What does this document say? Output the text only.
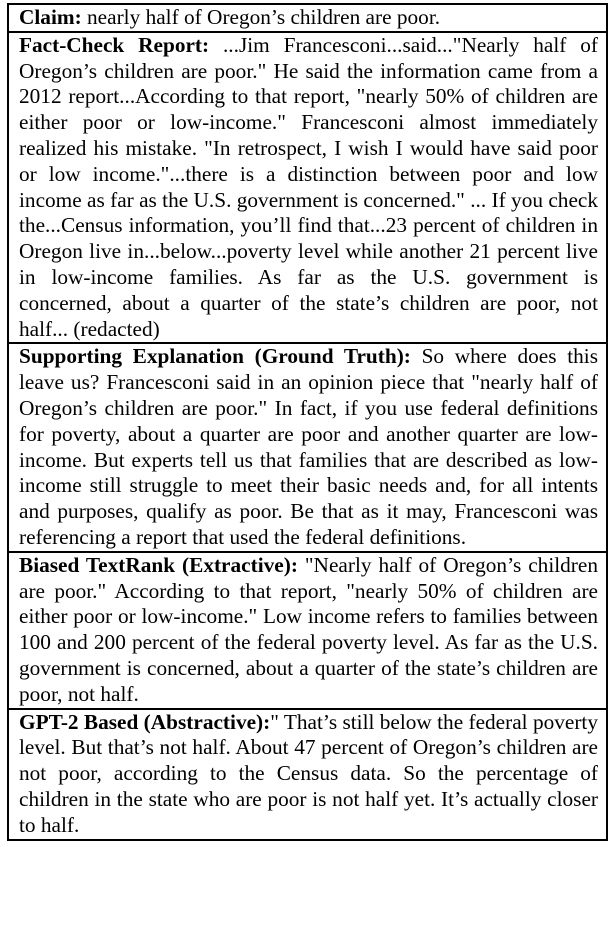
Claim: nearly half of Oregon’s children are poor.
Fact-Check Report: ...Jim Francesconi...said..."Nearly half of Oregon’s children are poor." He said the information came from a 2012 report...According to that report, "nearly 50% of children are either poor or low-income." Francesconi almost immediately realized his mistake. "In retrospect, I wish I would have said poor or low income."...there is a distinction between poor and low income as far as the U.S. government is concerned." ... If you check the...Census information, you’ll find that...23 percent of children in Oregon live in...below...poverty level while another 21 percent live in low-income families. As far as the U.S. government is concerned, about a quarter of the state’s children are poor, not half... (redacted)
Supporting Explanation (Ground Truth): So where does this leave us? Francesconi said in an opinion piece that "nearly half of Oregon’s children are poor." In fact, if you use federal definitions for poverty, about a quarter are poor and another quarter are low-income. But experts tell us that families that are described as low-income still struggle to meet their basic needs and, for all intents and purposes, qualify as poor. Be that as it may, Francesconi was referencing a report that used the federal definitions.
Biased TextRank (Extractive): "Nearly half of Oregon’s children are poor." According to that report, "nearly 50% of children are either poor or low-income." Low income refers to families between 100 and 200 percent of the federal poverty level. As far as the U.S. government is concerned, about a quarter of the state’s children are poor, not half.
GPT-2 Based (Abstractive):" That’s still below the federal poverty level. But that’s not half. About 47 percent of Oregon’s children are not poor, according to the Census data. So the percentage of children in the state who are poor is not half yet. It’s actually closer to half.
